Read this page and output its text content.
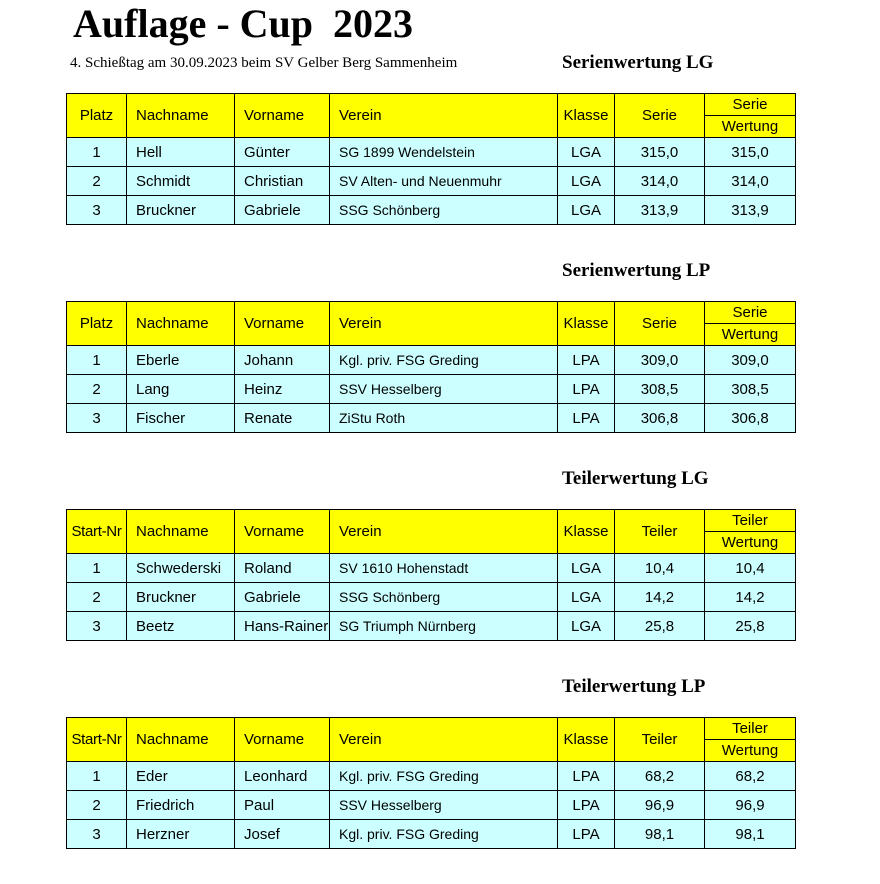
Auflage - Cup  2023
4. Schießtag am 30.09.2023 beim SV Gelber Berg Sammenheim	Serienwertung LG
Platz	Nachname	Vorname	Verein	Klasse	Serie	Serie
						Wertung
1	Hell	Günter	SG 1899 Wendelstein	LGA	315,0	315,0
2	Schmidt	Christian	SV Alten- und Neuenmuhr	LGA	314,0	314,0
3	Bruckner	Gabriele	SSG Schönberg	LGA	313,9	313,9
Serienwertung LP
Platz	Nachname	Vorname	Verein	Klasse	Serie	Serie
						Wertung
1	Eberle	Johann	Kgl. priv. FSG Greding	LPA	309,0	309,0
2	Lang	Heinz	SSV Hesselberg	LPA	308,5	308,5
3	Fischer	Renate	ZiStu Roth	LPA	306,8	306,8
Teilerwertung LG
Start-Nr	Nachname	Vorname	Verein	Klasse	Teiler	Teiler
						Wertung
1	Schwederski	Roland	SV 1610 Hohenstadt	LGA	10,4	10,4
2	Bruckner	Gabriele	SSG Schönberg	LGA	14,2	14,2
3	Beetz	Hans-Rainer	SG Triumph Nürnberg	LGA	25,8	25,8
Teilerwertung LP
Start-Nr	Nachname	Vorname	Verein	Klasse	Teiler	Teiler
						Wertung
1	Eder	Leonhard	Kgl. priv. FSG Greding	LPA	68,2	68,2
2	Friedrich	Paul	SSV Hesselberg	LPA	96,9	96,9
3	Herzner	Josef	Kgl. priv. FSG Greding	LPA	98,1	98,1
